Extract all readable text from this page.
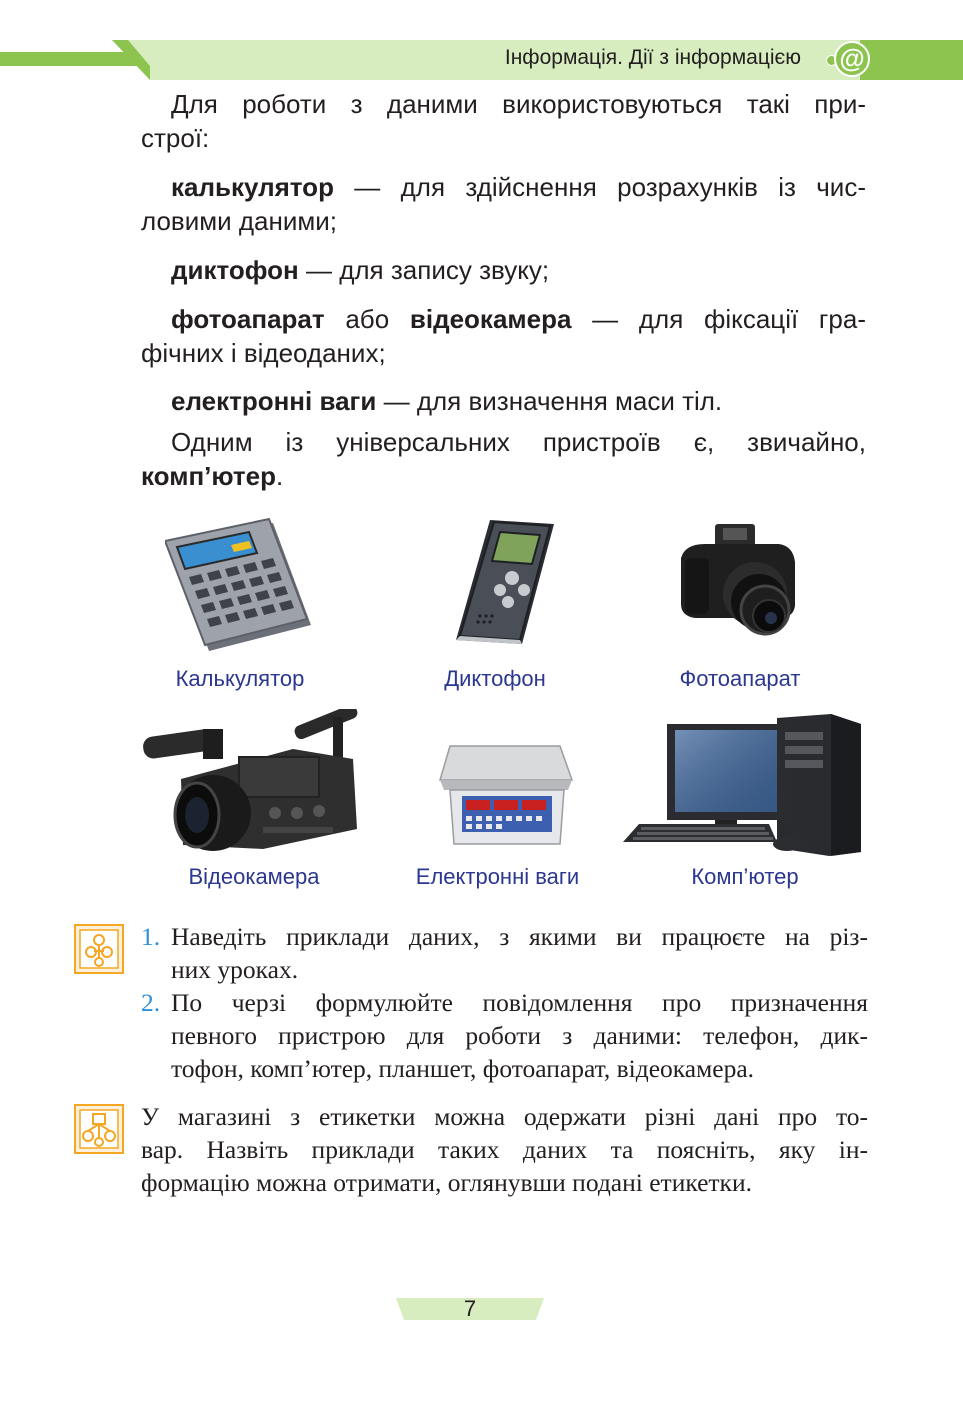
Інформація. Дії з інформацією @
Для роботи з даними використовуються такі при-
строї:
калькулятор — для здійснення розрахунків із чис-
ловими даними;
диктофон — для запису звуку;
фотоапарат або відеокамера — для фіксації гра-
фічних і відеоданих;
електронні ваги — для визначення маси тіл.
Одним із універсальних пристроїв є, звичайно,
комп’ютер.
Калькулятор	Диктофон	Фотоапарат
Відеокамера	Електронні ваги	Комп’ютер
1. Наведіть приклади даних, з якими ви працюєте на різ-
них уроках.
2. По черзі формулюйте повідомлення про призначення
певного пристрою для роботи з даними: телефон, дик-
тофон, комп’ютер, планшет, фотоапарат, відеокамера.
У магазині з етикетки можна одержати різні дані про то-
вар. Назвіть приклади таких даних та поясніть, яку ін-
формацію можна отримати, оглянувши подані етикетки.
7
